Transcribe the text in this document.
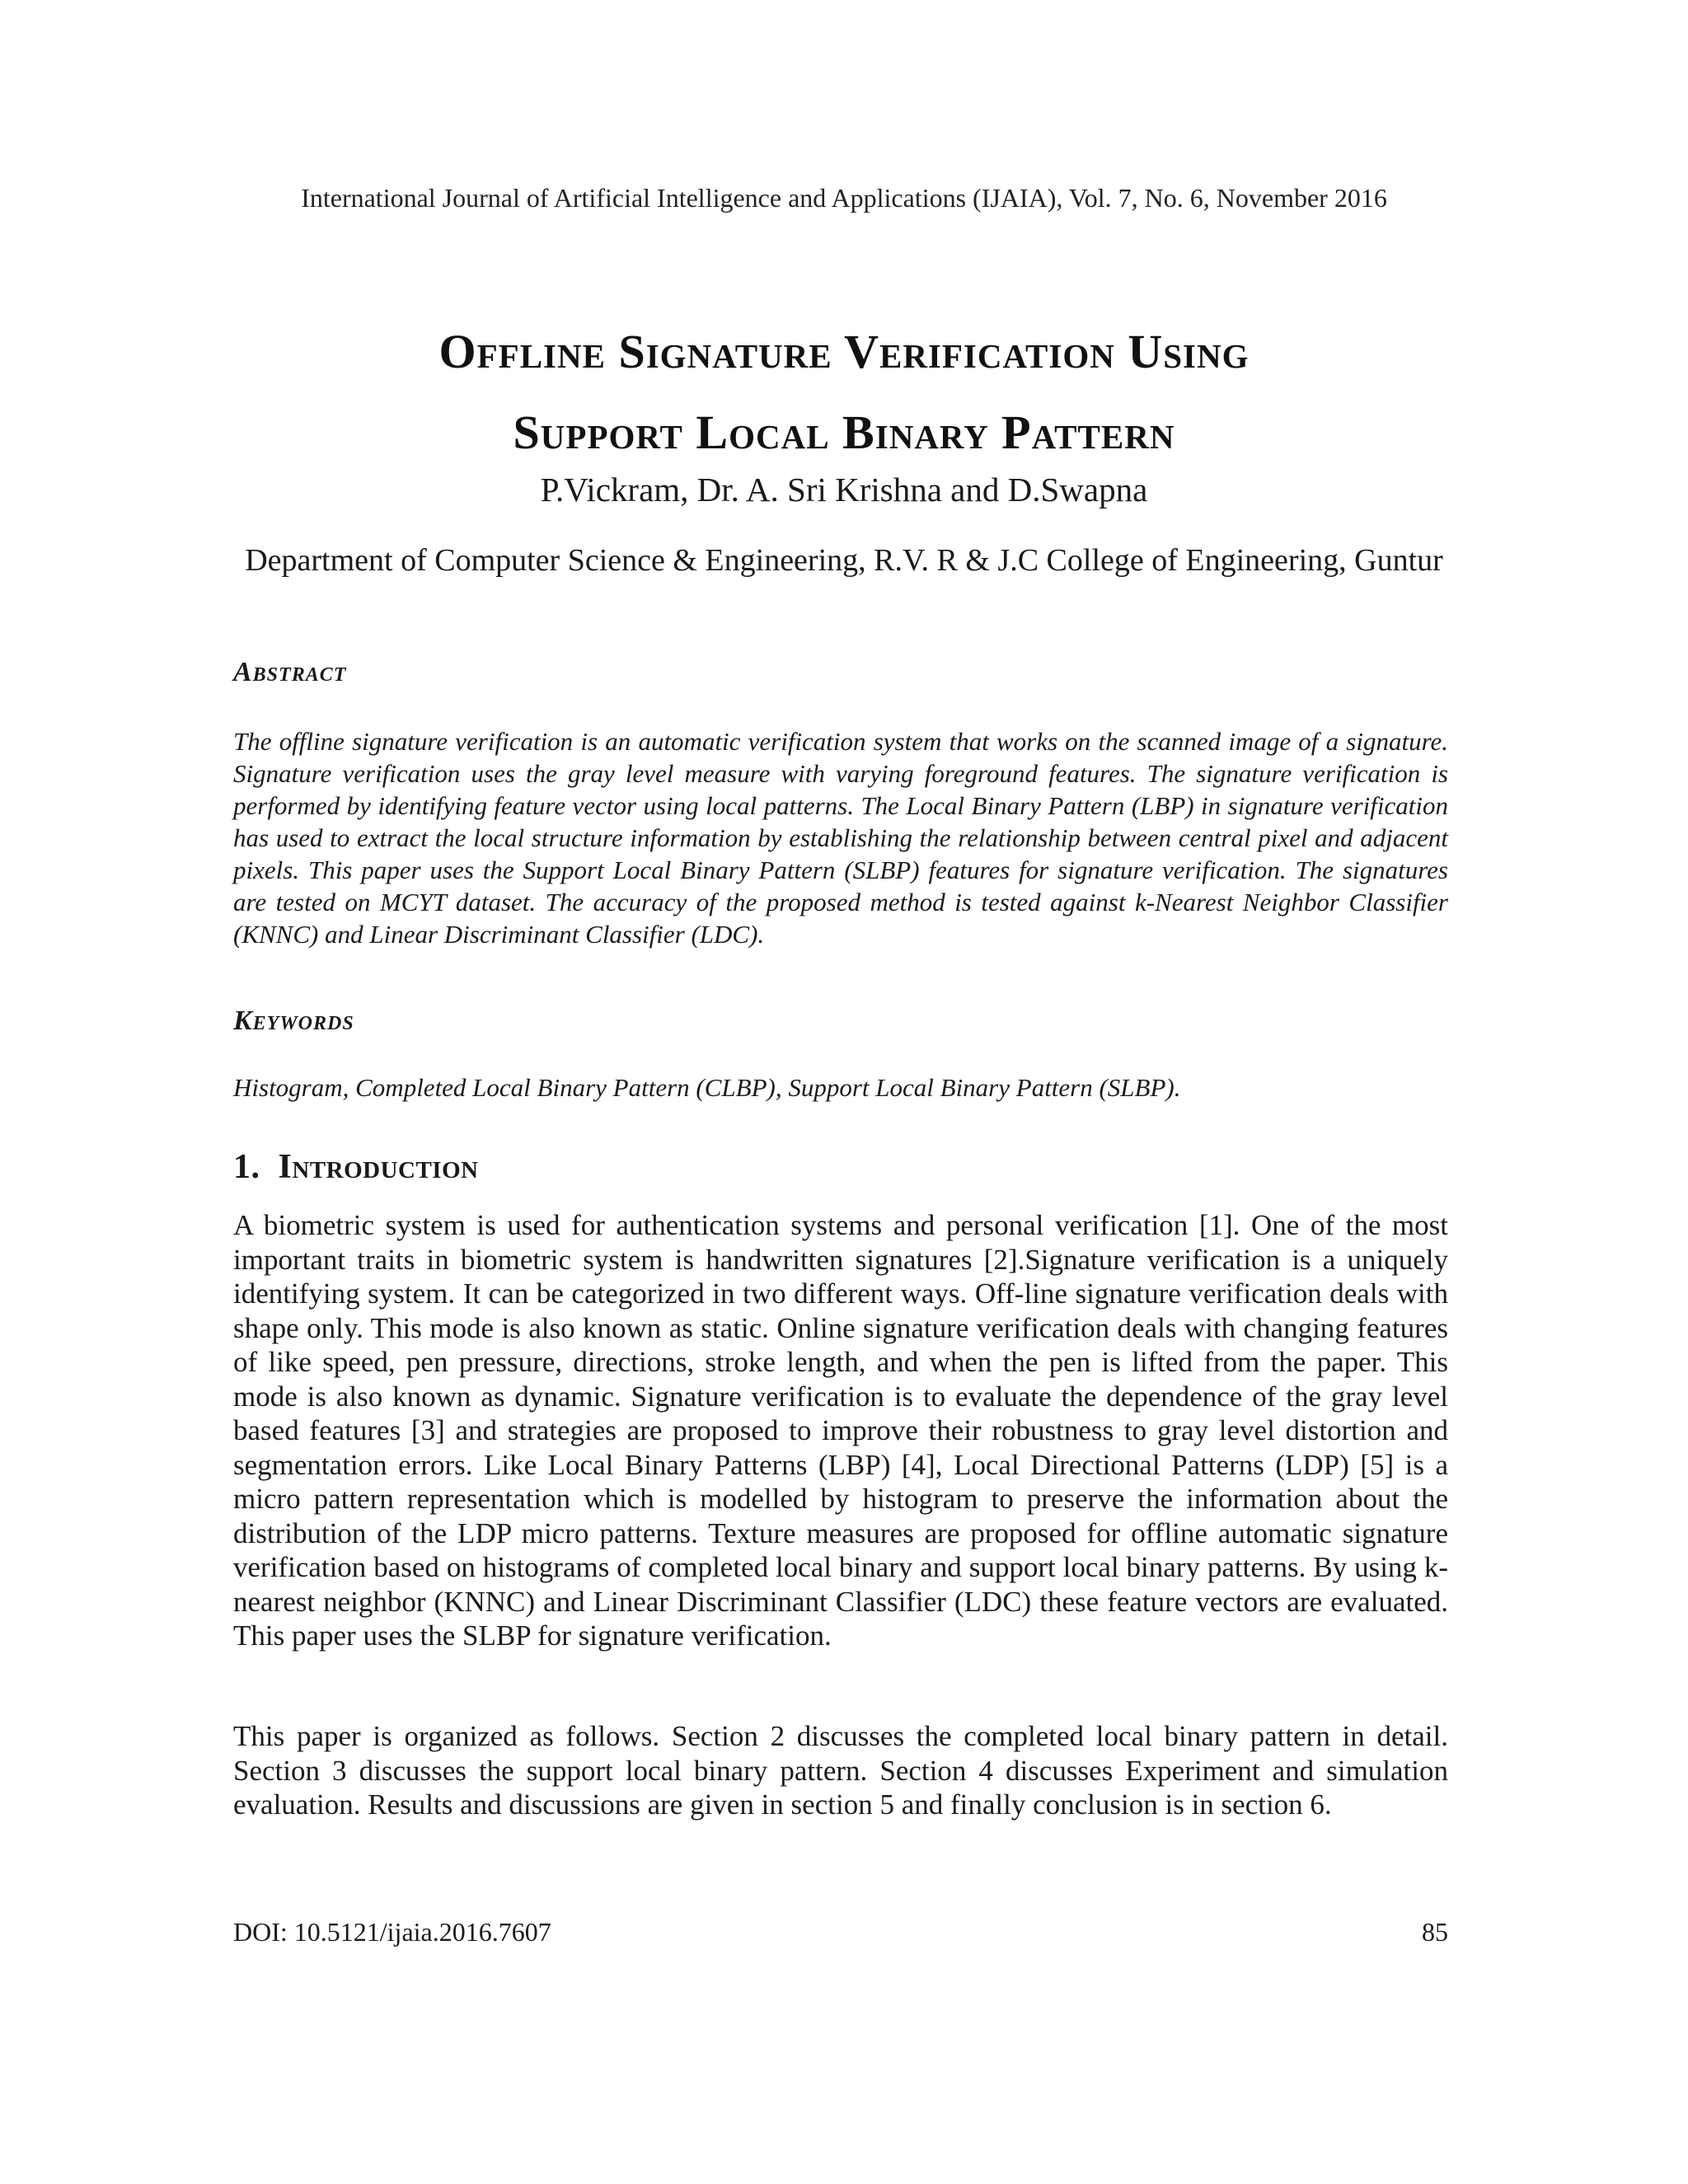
International Journal of Artificial Intelligence and Applications (IJAIA), Vol. 7, No. 6, November 2016
Offline Signature Verification Using
Support Local Binary Pattern
P.Vickram, Dr. A. Sri Krishna and D.Swapna
Department of Computer Science & Engineering, R.V. R & J.C College of Engineering, Guntur
Abstract
The offline signature verification is an automatic verification system that works on the scanned image of a signature. Signature verification uses the gray level measure with varying foreground features. The signature verification is performed by identifying feature vector using local patterns. The Local Binary Pattern (LBP) in signature verification has used to extract the local structure information by establishing the relationship between central pixel and adjacent pixels. This paper uses the Support Local Binary Pattern (SLBP) features for signature verification. The signatures are tested on MCYT dataset. The accuracy of the proposed method is tested against k-Nearest Neighbor Classifier (KNNC) and Linear Discriminant Classifier (LDC).
Keywords
Histogram, Completed Local Binary Pattern (CLBP), Support Local Binary Pattern (SLBP).
1. Introduction
A biometric system is used for authentication systems and personal verification [1]. One of the most important traits in biometric system is handwritten signatures [2].Signature verification is a uniquely identifying system. It can be categorized in two different ways. Off-line signature verification deals with shape only. This mode is also known as static. Online signature verification deals with changing features of like speed, pen pressure, directions, stroke length, and when the pen is lifted from the paper. This mode is also known as dynamic. Signature verification is to evaluate the dependence of the gray level based features [3] and strategies are proposed to improve their robustness to gray level distortion and segmentation errors. Like Local Binary Patterns (LBP) [4], Local Directional Patterns (LDP) [5] is a micro pattern representation which is modelled by histogram to preserve the information about the distribution of the LDP micro patterns. Texture measures are proposed for offline automatic signature verification based on histograms of completed local binary and support local binary patterns. By using k-nearest neighbor (KNNC) and Linear Discriminant Classifier (LDC) these feature vectors are evaluated. This paper uses the SLBP for signature verification.
This paper is organized as follows. Section 2 discusses the completed local binary pattern in detail. Section 3 discusses the support local binary pattern. Section 4 discusses Experiment and simulation evaluation. Results and discussions are given in section 5 and finally conclusion is in section 6.
DOI: 10.5121/ijaia.2016.7607	85
